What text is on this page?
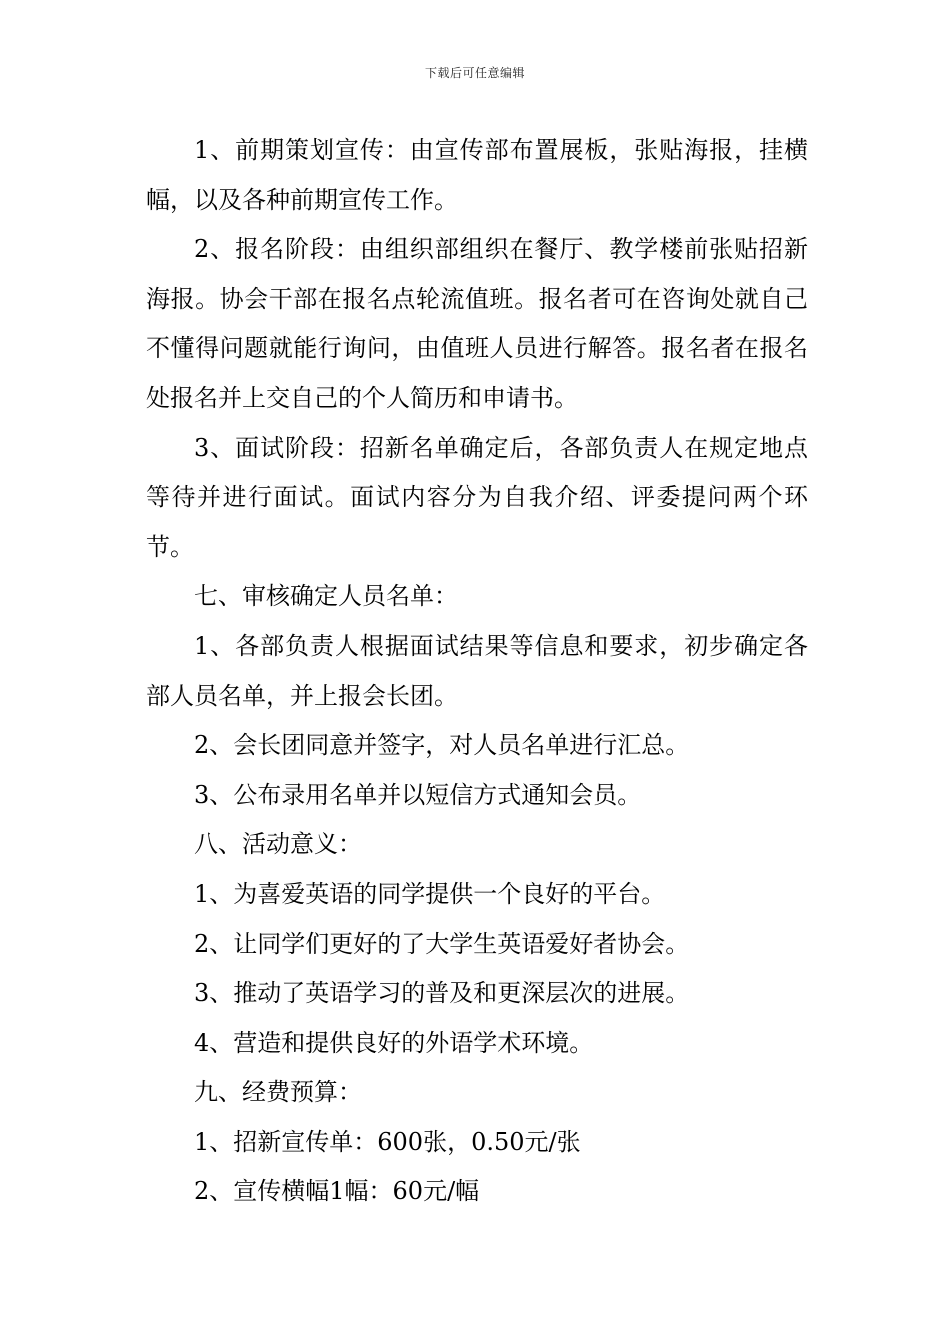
下载后可任意编辑

1、前期策划宣传：由宣传部布置展板，张贴海报，挂横幅，以及各种前期宣传工作。

2、报名阶段：由组织部组织在餐厅、教学楼前张贴招新海报。协会干部在报名点轮流值班。报名者可在咨询处就自己不懂得问题就能行询问，由值班人员进行解答。报名者在报名处报名并上交自己的个人简历和申请书。

3、面试阶段：招新名单确定后，各部负责人在规定地点等待并进行面试。面试内容分为自我介绍、评委提问两个环节。

七、审核确定人员名单：

1、各部负责人根据面试结果等信息和要求，初步确定各部人员名单，并上报会长团。

2、会长团同意并签字，对人员名单进行汇总。

3、公布录用名单并以短信方式通知会员。

八、活动意义：

1、为喜爱英语的同学提供一个良好的平台。

2、让同学们更好的了大学生英语爱好者协会。

3、推动了英语学习的普及和更深层次的进展。

4、营造和提供良好的外语学术环境。

九、经费预算：

1、招新宣传单：600张，0.50元/张

2、宣传横幅1幅：60元/幅
